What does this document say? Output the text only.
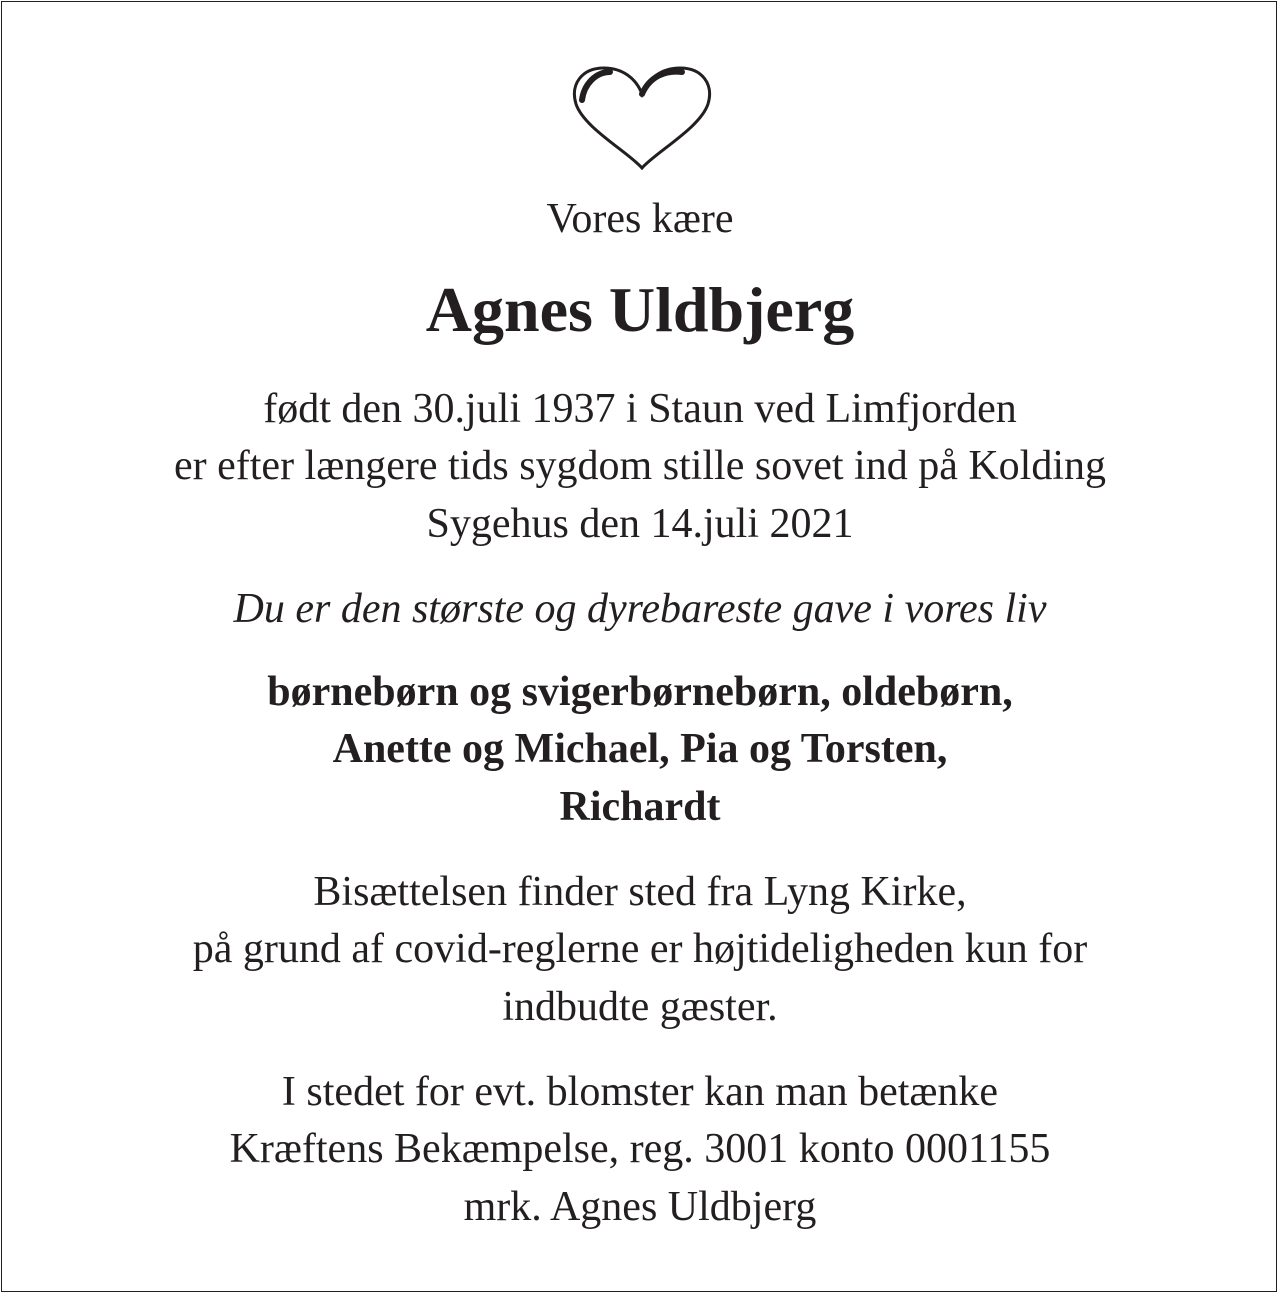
Vores kære
Agnes Uldbjerg
født den 30.juli 1937 i Staun ved Limfjorden
er efter længere tids sygdom stille sovet ind på Kolding
Sygehus den 14.juli 2021
Du er den største og dyrebareste gave i vores liv
børnebørn og svigerbørnebørn, oldebørn,
Anette og Michael, Pia og Torsten,
Richardt
Bisættelsen finder sted fra Lyng Kirke,
på grund af covid-reglerne er højtideligheden kun for
indbudte gæster.
I stedet for evt. blomster kan man betænke
Kræftens Bekæmpelse, reg. 3001 konto 0001155
mrk. Agnes Uldbjerg
